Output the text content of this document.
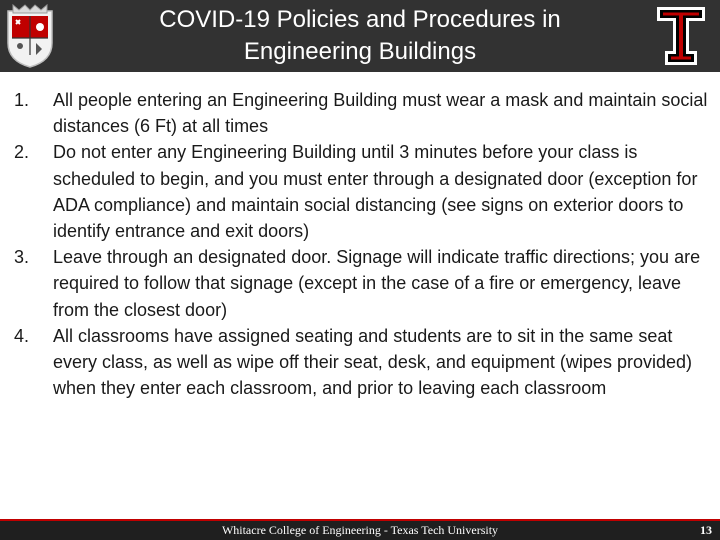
COVID-19 Policies and Procedures in
Engineering Buildings
1. All people entering an Engineering Building must wear a mask and maintain social distances (6 Ft) at all times
2. Do not enter any Engineering Building until 3 minutes before your class is scheduled to begin, and you must enter through a designated door (exception for ADA compliance) and maintain social distancing (see signs on exterior doors to identify entrance and exit doors)
3. Leave through an designated door. Signage will indicate traffic directions; you are required to follow that signage (except in the case of a fire or emergency, leave from the closest door)
4. All classrooms have assigned seating and students are to sit in the same seat every class, as well as wipe off their seat, desk, and equipment (wipes provided) when they enter each classroom, and prior to leaving each classroom
Whitacre College of Engineering - Texas Tech University	13
